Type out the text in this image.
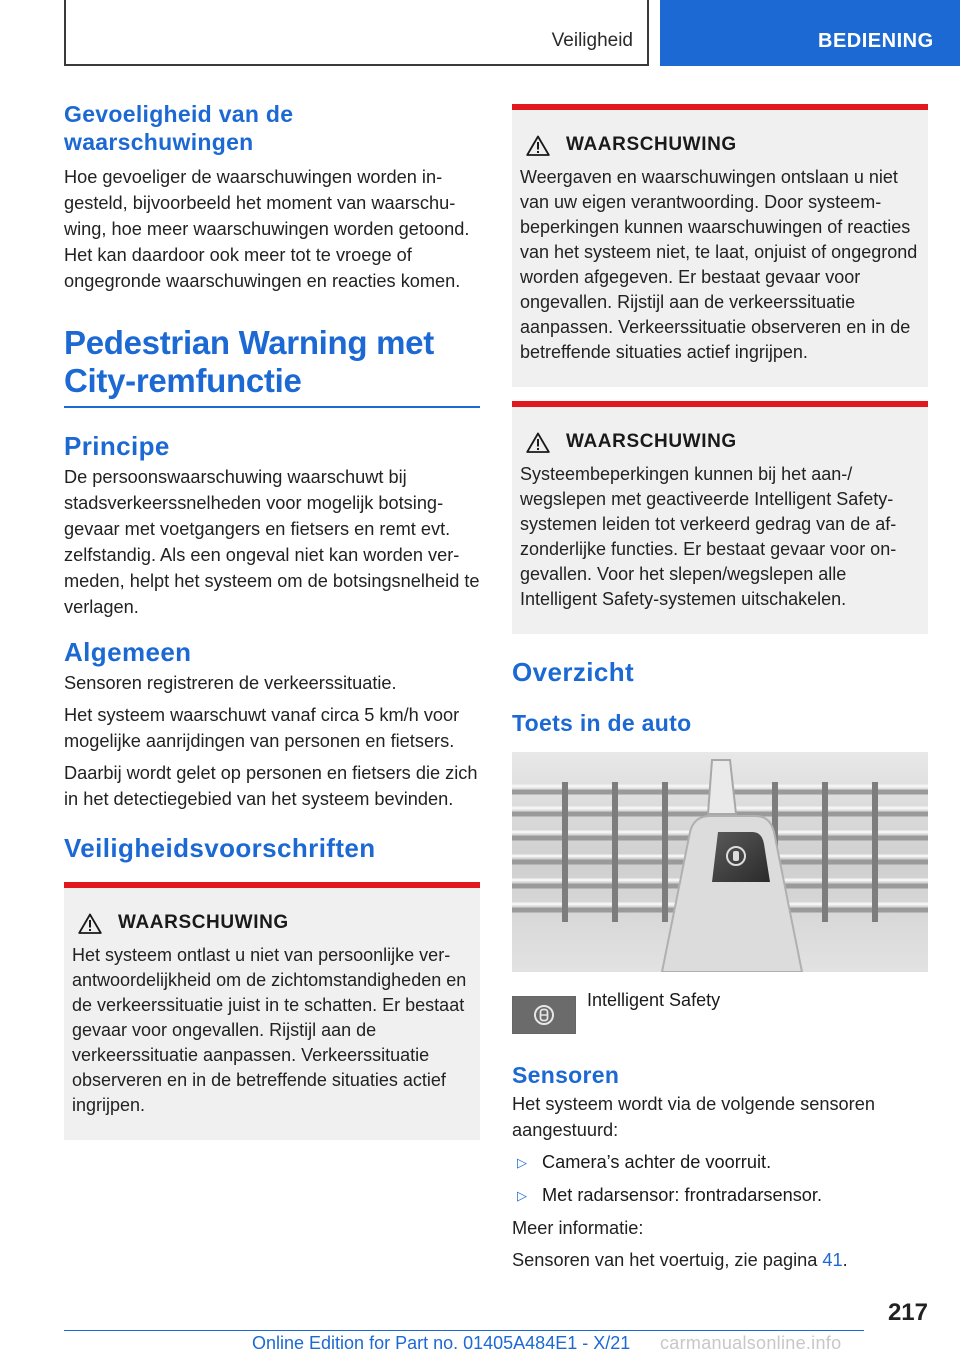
Veiligheid	BEDIENING
Gevoeligheid van de waarschuwingen
Hoe gevoeliger de waarschuwingen worden ingesteld, bijvoorbeeld het moment van waarschuwing, hoe meer waarschuwingen worden getoond. Het kan daardoor ook meer tot te vroege of ongegronde waarschuwingen en reacties komen.
Pedestrian Warning met City-remfunctie
Principe
De persoonswaarschuwing waarschuwt bij stadsverkeerssnelheden voor mogelijk botsinggevaar met voetgangers en fietsers en remt evt. zelfstandig. Als een ongeval niet kan worden vermeden, helpt het systeem om de botsingsnelheid te verlagen.
Algemeen
Sensoren registreren de verkeerssituatie.
Het systeem waarschuwt vanaf circa 5 km/h voor mogelijke aanrijdingen van personen en fietsers.
Daarbij wordt gelet op personen en fietsers die zich in het detectiegebied van het systeem bevinden.
Veiligheidsvoorschriften
WAARSCHUWING
Het systeem ontlast u niet van persoonlijke verantwoordelijkheid om de zichtomstandigheden en de verkeerssituatie juist in te schatten. Er bestaat gevaar voor ongevallen. Rijstijl aan de verkeerssituatie aanpassen. Verkeerssituatie observeren en in de betreffende situaties actief ingrijpen.
WAARSCHUWING
Weergaven en waarschuwingen ontslaan u niet van uw eigen verantwoording. Door systeembeperkingen kunnen waarschuwingen of reacties van het systeem niet, te laat, onjuist of ongegrond worden afgegeven. Er bestaat gevaar voor ongevallen. Rijstijl aan de verkeerssituatie aanpassen. Verkeerssituatie observeren en in de betreffende situaties actief ingrijpen.
WAARSCHUWING
Systeembeperkingen kunnen bij het aan-/ wegslepen met geactiveerde Intelligent Safety-systemen leiden tot verkeerd gedrag van de afzonderlijke functies. Er bestaat gevaar voor ongevallen. Voor het slepen/wegslepen alle Intelligent Safety-systemen uitschakelen.
Overzicht
Toets in de auto
Intelligent Safety
Sensoren
Het systeem wordt via de volgende sensoren aangestuurd:
▷ Camera’s achter de voorruit.
▷ Met radarsensor: frontradarsensor.
Meer informatie:
Sensoren van het voertuig, zie pagina 41.
217
Online Edition for Part no. 01405A484E1 - X/21 carmanualsonline.info
